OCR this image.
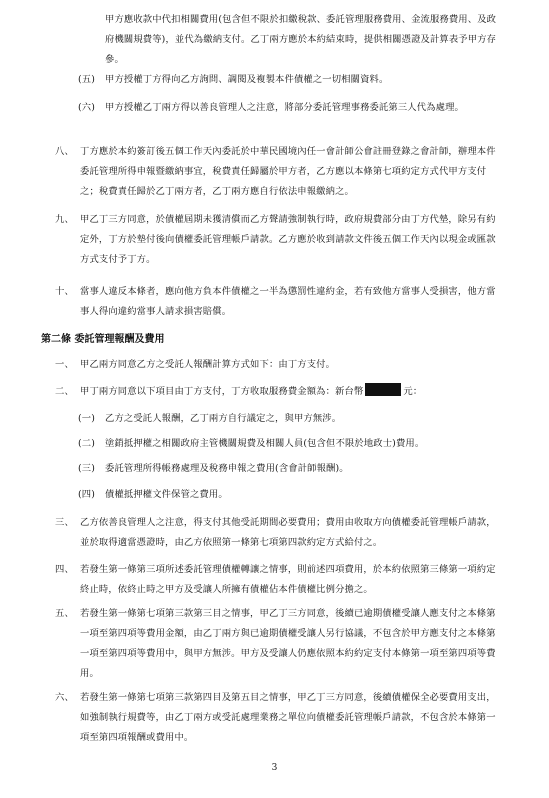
甲方應收款中代扣相關費用(包含但不限於扣繳稅款、委託管理服務費用、金流服務費用、及政府機關規費等)，並代為繳納支付。乙丁兩方應於本約結束時，提供相關憑證及計算表予甲方存參。
(五) 甲方授權丁方得向乙方詢問、調閱及複製本件債權之一切相關資料。
(六) 甲方授權乙丁兩方得以善良管理人之注意，將部分委託管理事務委託第三人代為處理。
八、 丁方應於本約簽訂後五個工作天內委託於中華民國境內任一會計師公會註冊登錄之會計師，辦理本件委託管理所得申報暨繳納事宜，稅費責任歸屬於甲方者，乙方應以本條第七項約定方式代甲方支付之；稅費責任歸於乙丁兩方者，乙丁兩方應自行依法申報繳納之。
九、 甲乙丁三方同意，於債權屆期未獲清償而乙方聲請強制執行時，政府規費部分由丁方代墊，除另有約定外，丁方於墊付後向債權委託管理帳戶請款。乙方應於收到請款文件後五個工作天內以現金或匯款方式支付予丁方。
十、 當事人違反本條者，應向他方負本件債權之一半為懲罰性違約金，若有致他方當事人受損害，他方當事人得向違約當事人請求損害賠償。
第二條 委託管理報酬及費用
一、 甲乙兩方同意乙方之受託人報酬計算方式如下：由丁方支付。
二、 甲丁兩方同意以下項目由丁方支付，丁方收取服務費金額為：新台幣	元：
(一) 乙方之受託人報酬，乙丁兩方自行議定之，與甲方無涉。
(二) 塗銷抵押權之相關政府主管機關規費及相關人員(包含但不限於地政士)費用。
(三) 委託管理所得帳務處理及稅務申報之費用(含會計師報酬)。
(四) 債權抵押權文件保管之費用。
三、 乙方依善良管理人之注意，得支付其他受託期間必要費用；費用由收取方向債權委託管理帳戶請款，並於取得適當憑證時，由乙方依照第一條第七項第四款約定方式給付之。
四、 若發生第一條第三項所述委託管理債權轉讓之情事，則前述四項費用，於本約依照第三條第一項約定終止時，依終止時之甲方及受讓人所擁有債權佔本件債權比例分擔之。
五、 若發生第一條第七項第三款第三目之情事，甲乙丁三方同意，後續已逾期債權受讓人應支付之本條第一項至第四項等費用金額，由乙丁兩方與已逾期債權受讓人另行協議，不包含於甲方應支付之本條第一項至第四項等費用中，與甲方無涉。甲方及受讓人仍應依照本約約定支付本條第一項至第四項等費用。
六、 若發生第一條第七項第三款第四目及第五目之情事，甲乙丁三方同意，後續債權保全必要費用支出，如強制執行規費等，由乙丁兩方或受託處理業務之單位向債權委託管理帳戶請款，不包含於本條第一項至第四項報酬或費用中。
3
